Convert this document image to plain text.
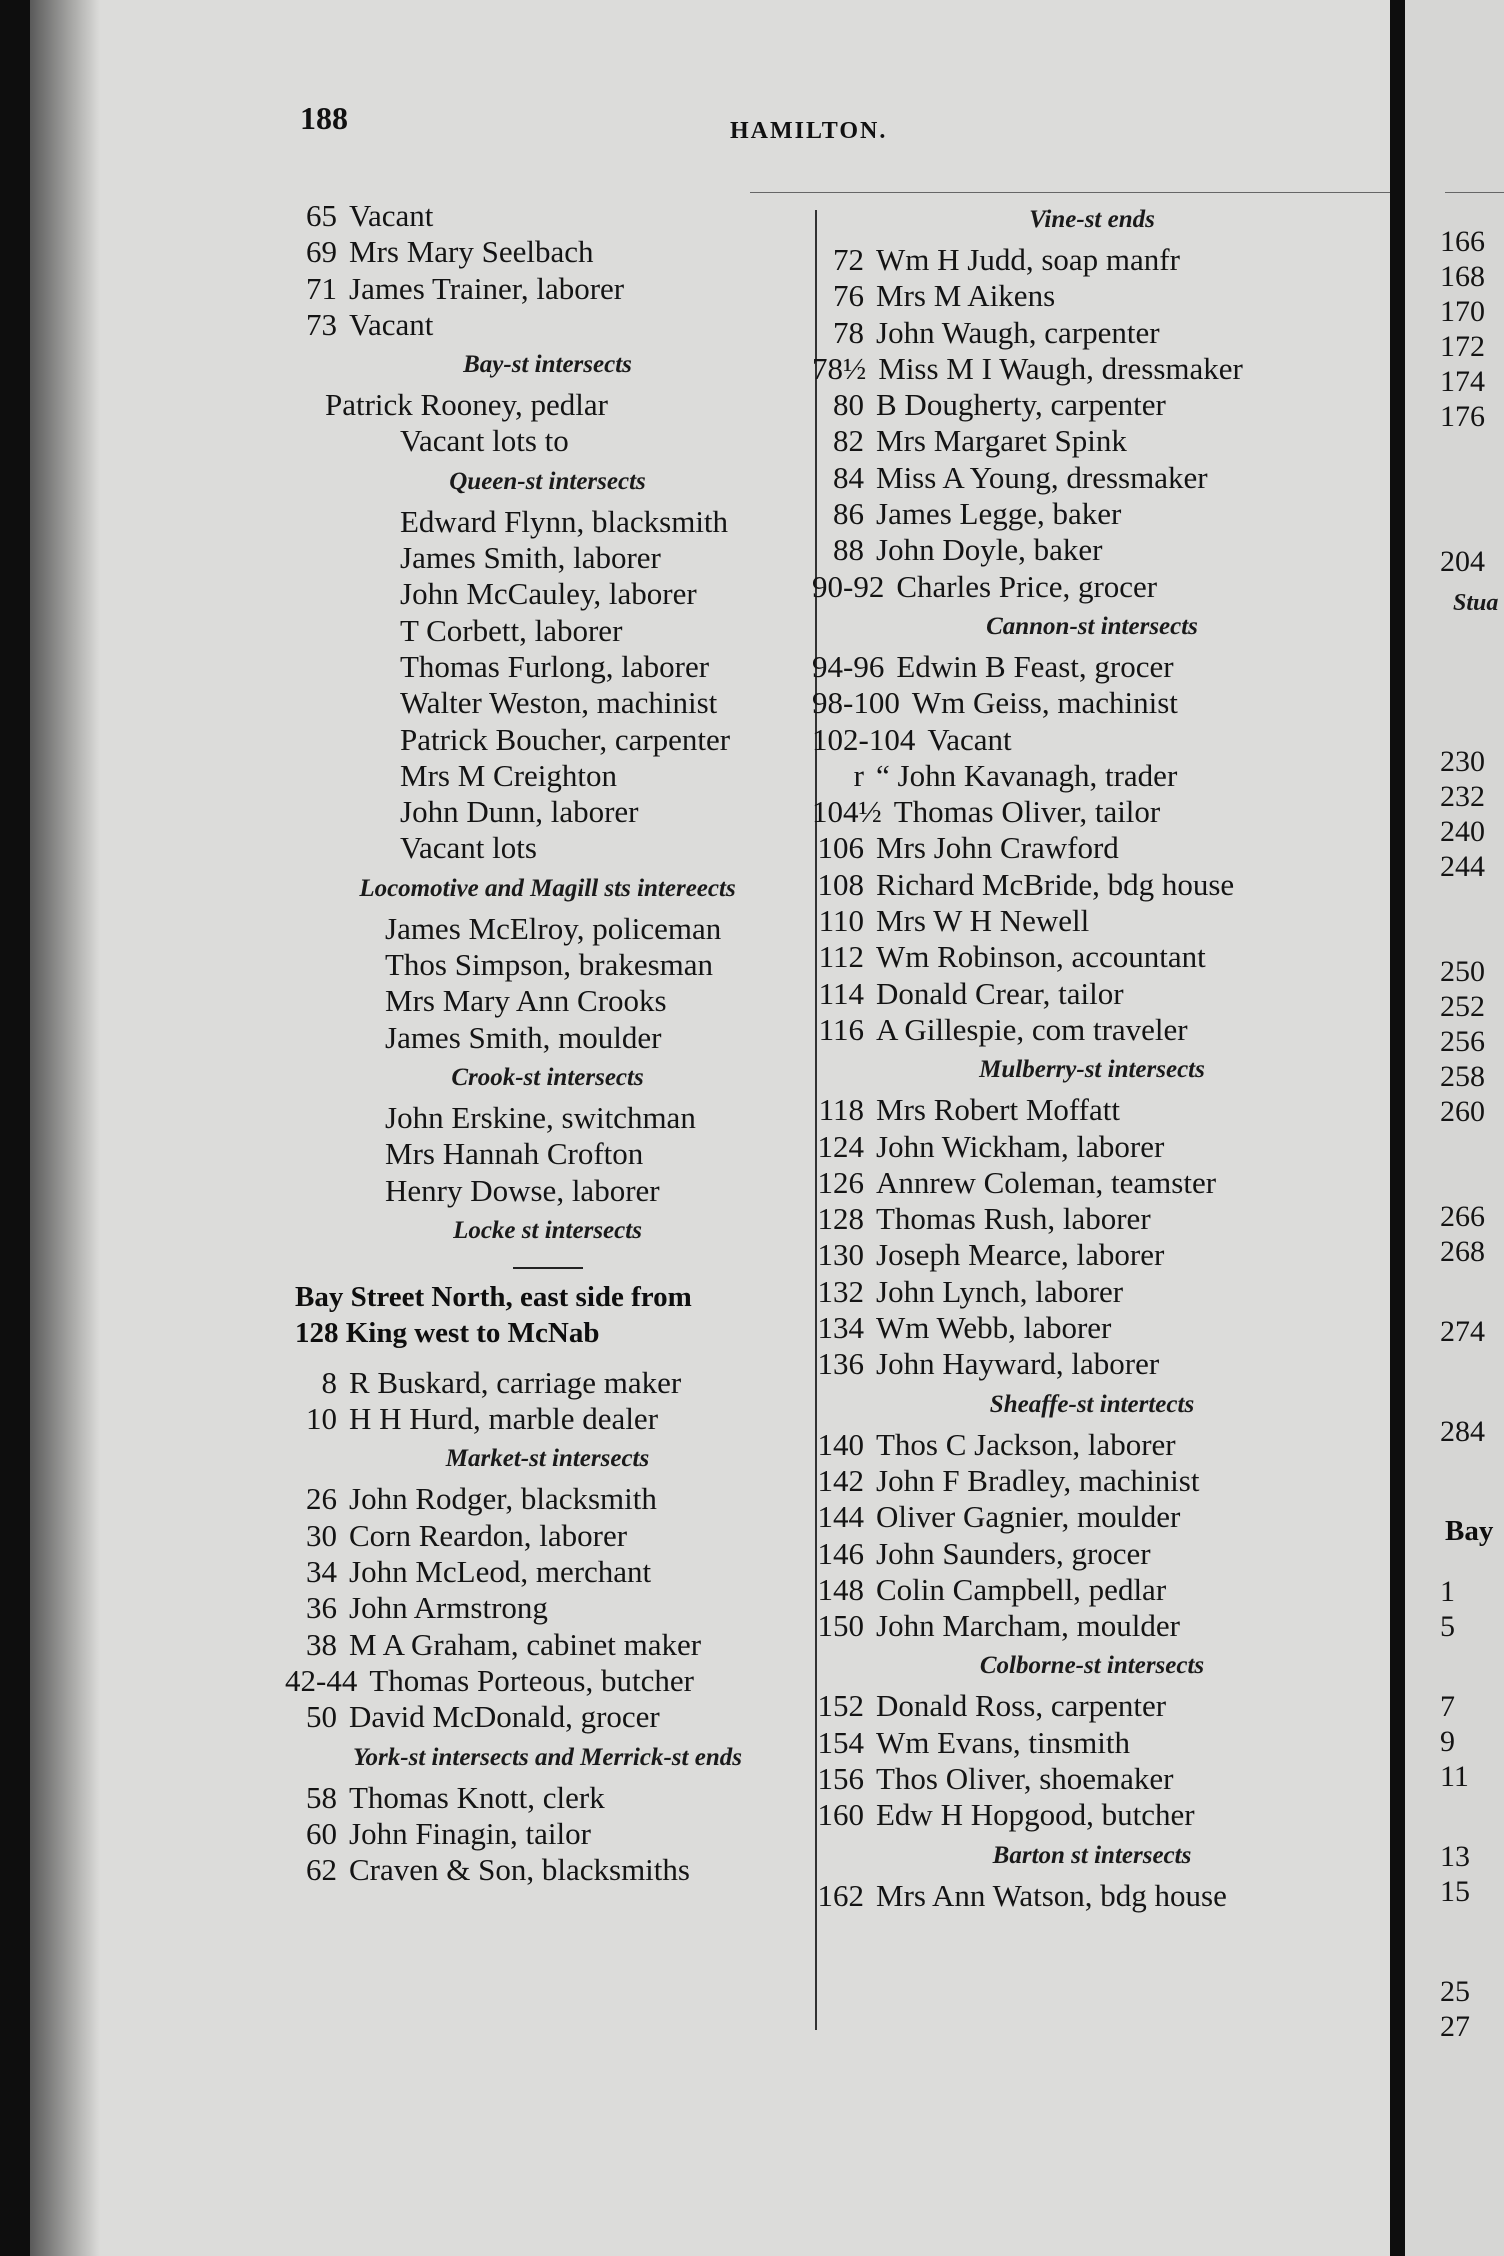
188	HAMILTON.
65 Vacant
69 Mrs Mary Seelbach
71 James Trainer, laborer
73 Vacant
Bay-st intersects
Patrick Rooney, pedlar
Vacant lots to
Queen-st intersects
Edward Flynn, blacksmith
James Smith, laborer
John McCauley, laborer
T Corbett, laborer
Thomas Furlong, laborer
Walter Weston, machinist
Patrick Boucher, carpenter
Mrs M Creighton
John Dunn, laborer
Vacant lots
Locomotive and Magill sts intereects
James McElroy, policeman
Thos Simpson, brakesman
Mrs Mary Ann Crooks
James Smith, moulder
Crook-st intersects
John Erskine, switchman
Mrs Hannah Crofton
Henry Dowse, laborer
Locke st intersects
Bay Street North, east side from
128 King west to McNab
8 R Buskard, carriage maker
10 H H Hurd, marble dealer
Market-st intersects
26 John Rodger, blacksmith
30 Corn Reardon, laborer
34 John McLeod, merchant
36 John Armstrong
38 M A Graham, cabinet maker
42-44 Thomas Porteous, butcher
50 David McDonald, grocer
York-st intersects and Merrick-st ends
58 Thomas Knott, clerk
60 John Finagin, tailor
62 Craven & Son, blacksmiths
Vine-st ends
72 Wm H Judd, soap manfr
76 Mrs M Aikens
78 John Waugh, carpenter
78½ Miss M I Waugh, dressmaker
80 B Dougherty, carpenter
82 Mrs Margaret Spink
84 Miss A Young, dressmaker
86 James Legge, baker
88 John Doyle, baker
90-92 Charles Price, grocer
Cannon-st intersects
94-96 Edwin B Feast, grocer
98-100 Wm Geiss, machinist
102-104 Vacant
r “ John Kavanagh, trader
104½ Thomas Oliver, tailor
106 Mrs John Crawford
108 Richard McBride, bdg house
110 Mrs W H Newell
112 Wm Robinson, accountant
114 Donald Crear, tailor
116 A Gillespie, com traveler
Mulberry-st intersects
118 Mrs Robert Moffatt
124 John Wickham, laborer
126 Annrew Coleman, teamster
128 Thomas Rush, laborer
130 Joseph Mearce, laborer
132 John Lynch, laborer
134 Wm Webb, laborer
136 John Hayward, laborer
Sheaffe-st intertects
140 Thos C Jackson, laborer
142 John F Bradley, machinist
144 Oliver Gagnier, moulder
146 John Saunders, grocer
148 Colin Campbell, pedlar
150 John Marcham, moulder
Colborne-st intersects
152 Donald Ross, carpenter
154 Wm Evans, tinsmith
156 Thos Oliver, shoemaker
160 Edw H Hopgood, butcher
Barton st intersects
162 Mrs Ann Watson, bdg house
166
168
170
172
174
176
204
Stua
230
232
240
244
250
252
256
258
260
266
268
274
284
Bay
1
5
7
9
11
13
15
25
27
